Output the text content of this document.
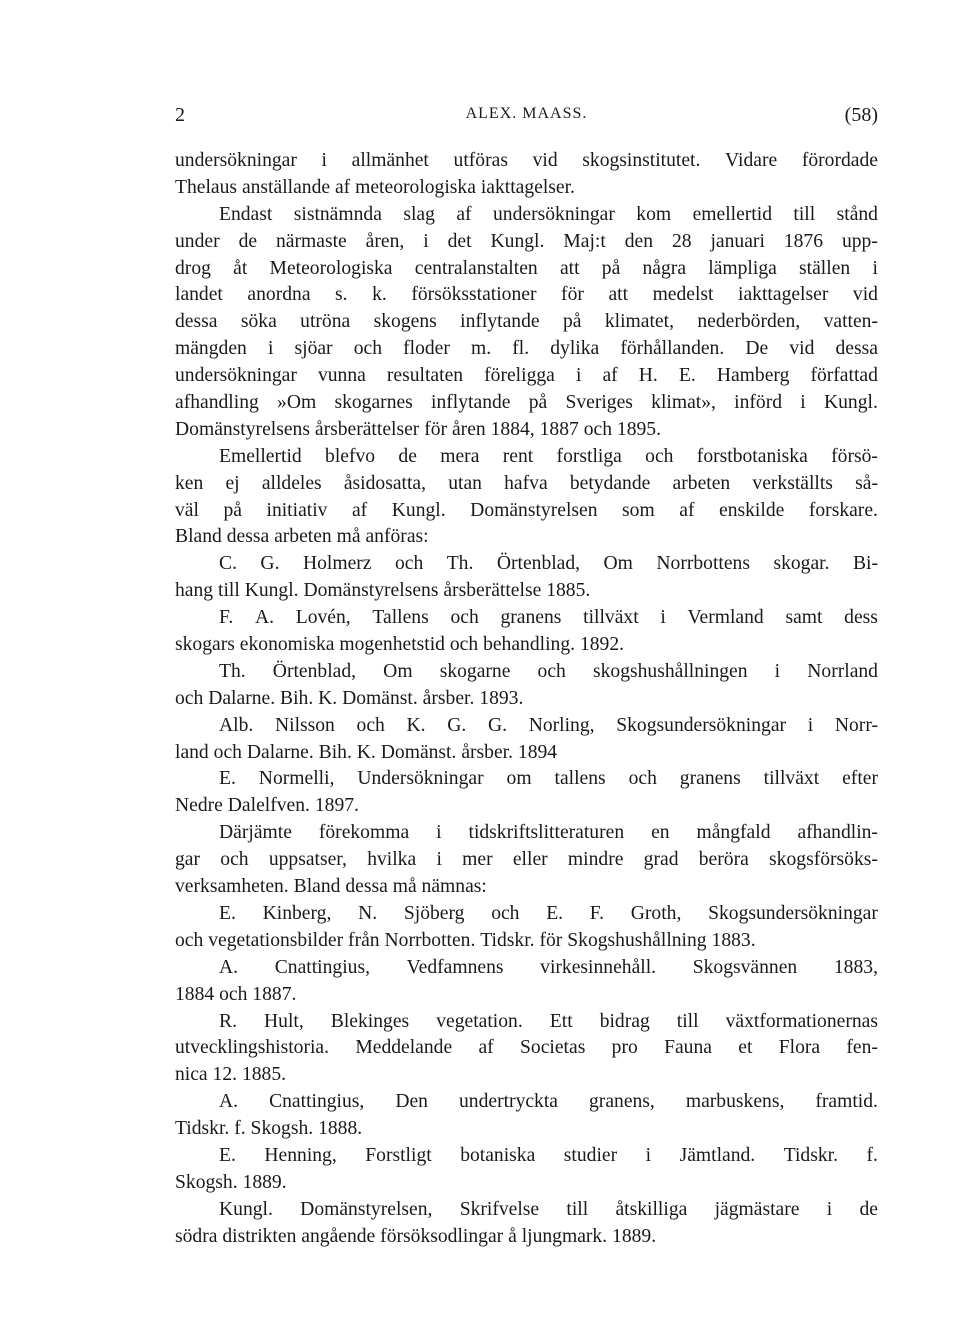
2	ALEX. MAASS.	(58)
undersökningar i allmänhet utföras vid skogsinstitutet. Vidare förordade
Thelaus
anställande
af
meteorologiska
iakttagelser.

Endast sistnämnda slag af undersökningar kom emellertid till stånd
under de närmaste åren, i det Kungl. Maj:t den 28 januari 1876 upp-
drog åt Meteorologiska centralanstalten att på några lämpliga ställen i
landet anordna s. k. försöksstationer för att medelst iakttagelser vid
dessa söka utröna skogens inflytande på klimatet, nederbörden, vatten-
mängden i sjöar och floder m. fl. dylika förhållanden. De vid dessa
undersökningar vunna resultaten föreligga i af H. E. Hamberg författad
afhandling »Om skogarnes inflytande på Sveriges klimat», införd i Kungl.
Domänstyrelsens
årsberättelser
för
åren
1884,
1887
och
1895.

Emellertid blefvo de mera rent forstliga och forstbotaniska försö-
ken ej alldeles åsidosatta, utan hafva betydande arbeten verkställts så-
väl på initiativ af Kungl. Domänstyrelsen som af enskilde forskare.
Bland
dessa
arbeten
må
anföras:

C. G. Holmerz och Th. Örtenblad, Om Norrbottens skogar. Bi-
hang
till
Kungl.
Domänstyrelsens
årsberättelse
1885.

F. A. Lovén, Tallens och granens tillväxt i Vermland samt dess
skogars
ekonomiska
mogenhetstid
och
behandling.
1892.

Th. Örtenblad, Om skogarne och skogshushållningen i Norrland
och
Dalarne.
Bih.
K.
Domänst.
årsber.
1893.

Alb. Nilsson och K. G. G. Norling, Skogsundersökningar i Norr-
land
och
Dalarne.
Bih.
K.
Domänst.
årsber.
1894

E. Normelli, Undersökningar om tallens och granens tillväxt efter
Nedre
Dalelfven.
1897.

Därjämte förekomma i tidskriftslitteraturen en mångfald afhandlin-
gar och uppsatser, hvilka i mer eller mindre grad beröra skogsförsöks-
verksamheten.
Bland
dessa
må
nämnas:

E. Kinberg, N. Sjöberg och E. F. Groth, Skogsundersökningar
och
vegetationsbilder
från
Norrbotten.
Tidskr.
för
Skogshushållning
1883.

A. Cnattingius, Vedfamnens virkesinnehåll. Skogsvännen 1883,
1884
och
1887.

R. Hult, Blekinges vegetation. Ett bidrag till växtformationernas
utvecklingshistoria. Meddelande af Societas pro Fauna et Flora fen-
nica
12.
1885.

A. Cnattingius, Den undertryckta granens, marbuskens, framtid.
Tidskr.
f.
Skogsh.
1888.

E. Henning, Forstligt botaniska studier i Jämtland. Tidskr. f.
Skogsh.
1889.

Kungl. Domänstyrelsen, Skrifvelse till åtskilliga jägmästare i de
södra
distrikten
angående
försöksodlingar
å
ljungmark.
1889.
